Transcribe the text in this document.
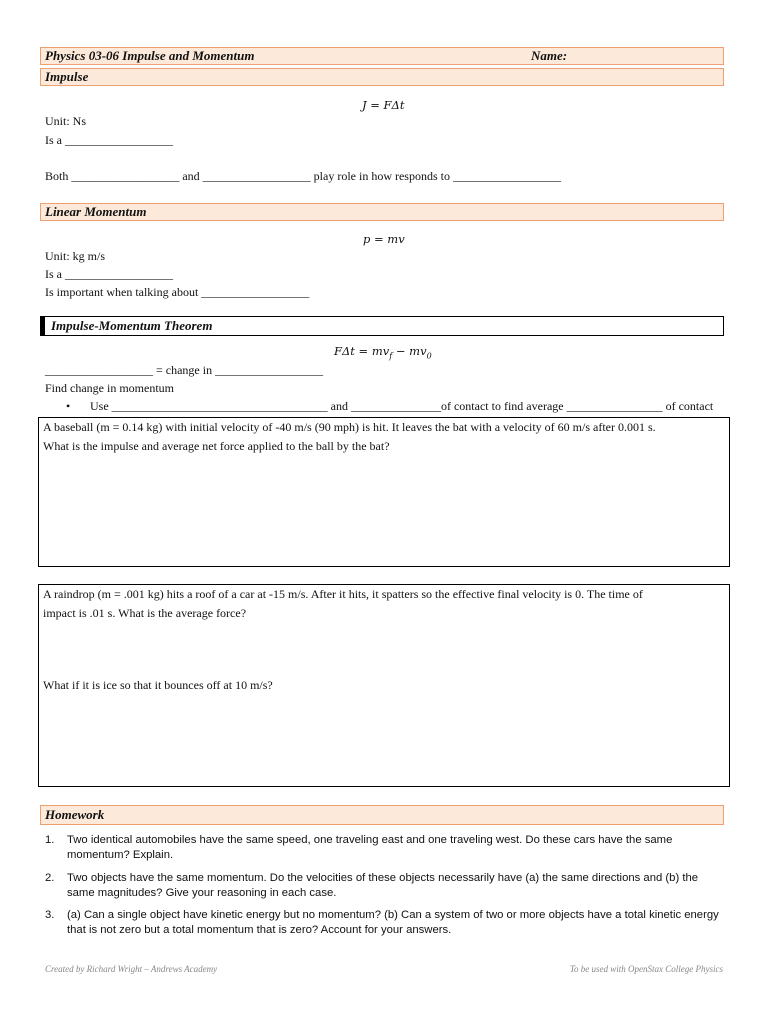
Physics 03-06 Impulse and Momentum	Name:
Impulse
J = FΔt
Unit: Ns
Is a __________________
Both __________________ and __________________ play role in how responds to __________________
Linear Momentum
p = mv
Unit: kg m/s
Is a __________________
Is important when talking about __________________
Impulse-Momentum Theorem
$F\Delta t = mv_f - mv_0$
__________________ = change in __________________
Find change in momentum
• Use ____________________________________ and _______________of contact to find average ________________ of contact

A baseball (m = 0.14 kg) with initial velocity of -40 m/s (90 mph) is hit. It leaves the bat with a velocity of 60 m/s after 0.001 s.

What is the impulse and average net force applied to the ball by the bat?

A raindrop (m = .001 kg) hits a roof of a car at -15 m/s. After it hits, it spatters so the effective final velocity is 0. The time of

impact is .01 s. What is the average force?

What if it is ice so that it bounces off at 10 m/s?

Homework
1. Two identical automobiles have the same speed, one traveling east and one traveling west. Do these cars have the same momentum? Explain.
2. Two objects have the same momentum. Do the velocities of these objects necessarily have (a) the same directions and (b) the same magnitudes? Give your reasoning in each case.
3. (a) Can a single object have kinetic energy but no momentum? (b) Can a system of two or more objects have a total kinetic energy that is not zero but a total momentum that is zero? Account for your answers.
Created by Richard Wright – Andrews Academy	To be used with OpenStax College Physics
